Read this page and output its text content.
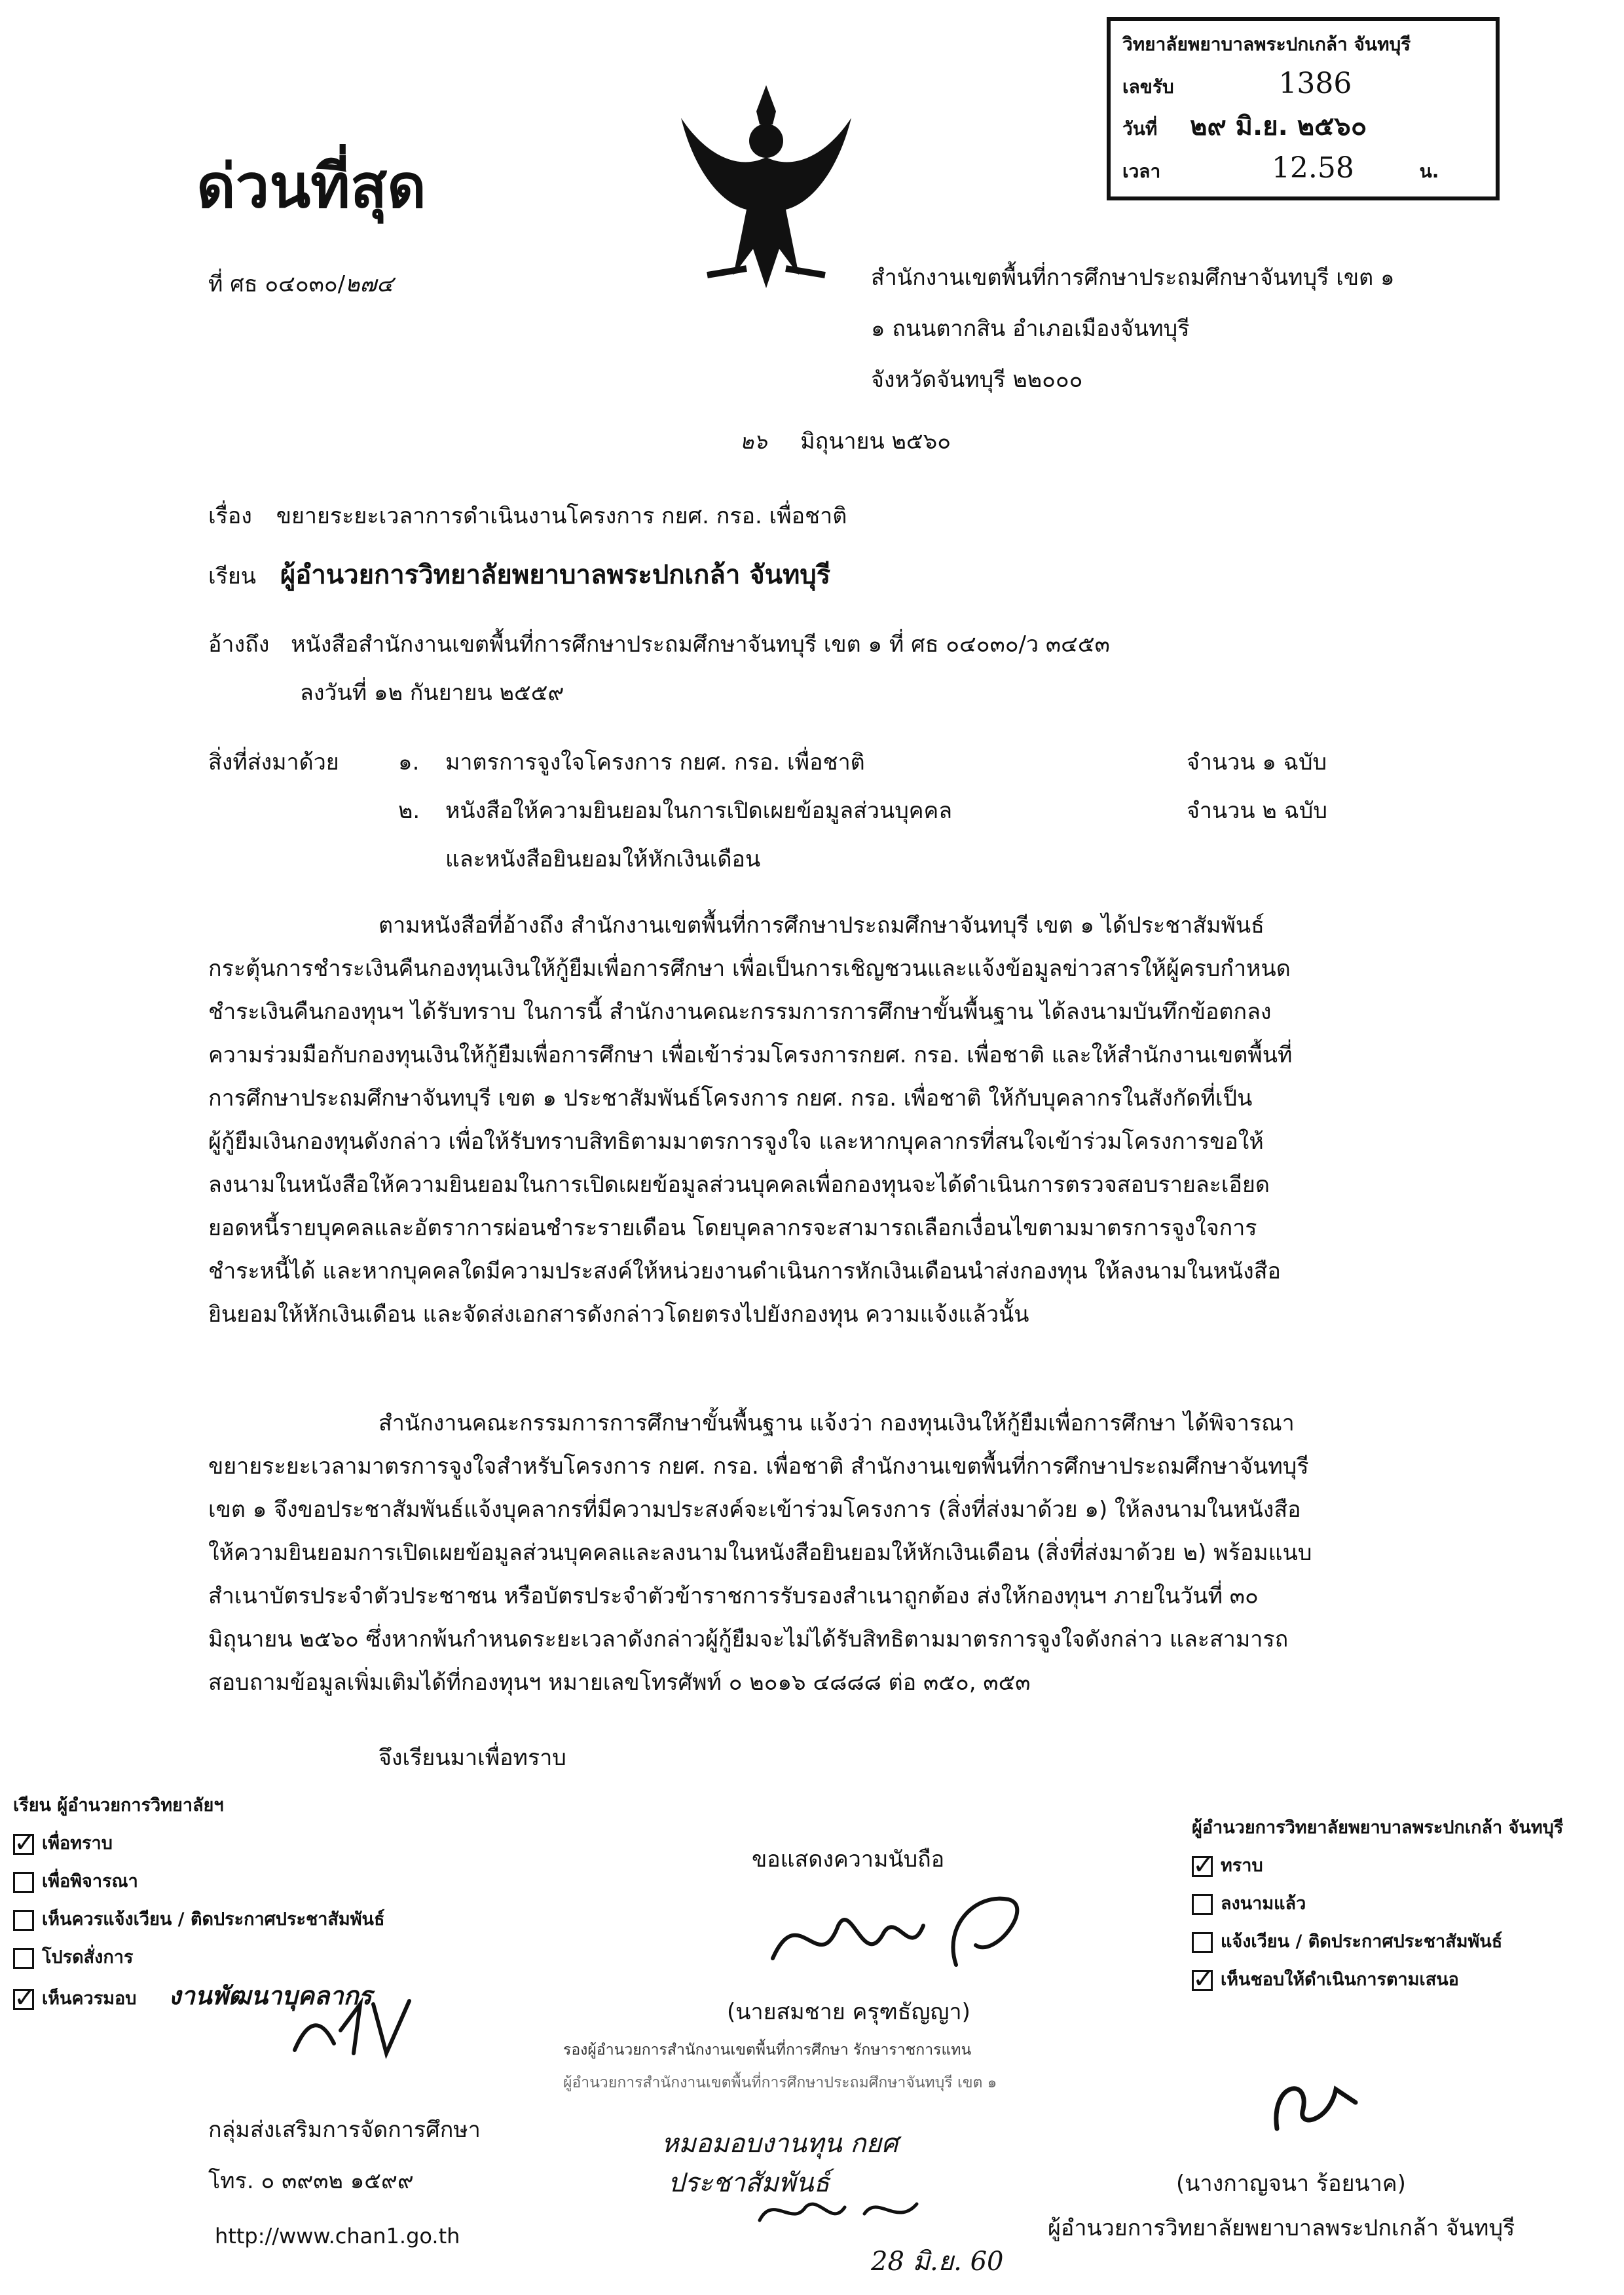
ด่วนที่สุด
ที่ ศธ ๐๔๐๓๐/๒๗๔
วิทยาลัยพยาบาลพระปกเกล้า จันทบุรี
เลขรับ	1386
วันที่ ๒๙ มิ.ย. ๒๕๖๐
เวลา	12.58	น.
สำนักงานเขตพื้นที่การศึกษาประถมศึกษาจันทบุรี เขต ๑
๑ ถนนตากสิน อำเภอเมืองจันทบุรี
จังหวัดจันทบุรี ๒๒๐๐๐
๒๖ มิถุนายน ๒๕๖๐
เรื่อง ขยายระยะเวลาการดำเนินงานโครงการ กยศ. กรอ. เพื่อชาติ
เรียน ผู้อำนวยการวิทยาลัยพยาบาลพระปกเกล้า จันทบุรี
อ้างถึง หนังสือสำนักงานเขตพื้นที่การศึกษาประถมศึกษาจันทบุรี เขต ๑ ที่ ศธ ๐๔๐๓๐/ว ๓๔๕๓
ลงวันที่ ๑๒ กันยายน ๒๕๕๙
สิ่งที่ส่งมาด้วย	๑. มาตรการจูงใจโครงการ กยศ. กรอ. เพื่อชาติ	จำนวน ๑ ฉบับ
๒. หนังสือให้ความยินยอมในการเปิดเผยข้อมูลส่วนบุคคล	จำนวน ๒ ฉบับ
และหนังสือยินยอมให้หักเงินเดือน
ตามหนังสือที่อ้างถึง สำนักงานเขตพื้นที่การศึกษาประถมศึกษาจันทบุรี เขต ๑ ได้ประชาสัมพันธ์
กระตุ้นการชำระเงินคืนกองทุนเงินให้กู้ยืมเพื่อการศึกษา เพื่อเป็นการเชิญชวนและแจ้งข้อมูลข่าวสารให้ผู้ครบกำหนด
ชำระเงินคืนกองทุนฯ ได้รับทราบ ในการนี้ สำนักงานคณะกรรมการการศึกษาขั้นพื้นฐาน ได้ลงนามบันทึกข้อตกลง
ความร่วมมือกับกองทุนเงินให้กู้ยืมเพื่อการศึกษา เพื่อเข้าร่วมโครงการกยศ. กรอ. เพื่อชาติ และให้สำนักงานเขตพื้นที่
การศึกษาประถมศึกษาจันทบุรี เขต ๑ ประชาสัมพันธ์โครงการ กยศ. กรอ. เพื่อชาติ ให้กับบุคลากรในสังกัดที่เป็น
ผู้กู้ยืมเงินกองทุนดังกล่าว เพื่อให้รับทราบสิทธิตามมาตรการจูงใจ และหากบุคลากรที่สนใจเข้าร่วมโครงการขอให้
ลงนามในหนังสือให้ความยินยอมในการเปิดเผยข้อมูลส่วนบุคคลเพื่อกองทุนจะได้ดำเนินการตรวจสอบรายละเอียด
ยอดหนี้รายบุคคลและอัตราการผ่อนชำระรายเดือน โดยบุคลากรจะสามารถเลือกเงื่อนไขตามมาตรการจูงใจการ
ชำระหนี้ได้ และหากบุคคลใดมีความประสงค์ให้หน่วยงานดำเนินการหักเงินเดือนนำส่งกองทุน ให้ลงนามในหนังสือ
ยินยอมให้หักเงินเดือน และจัดส่งเอกสารดังกล่าวโดยตรงไปยังกองทุน ความแจ้งแล้วนั้น
สำนักงานคณะกรรมการการศึกษาขั้นพื้นฐาน แจ้งว่า กองทุนเงินให้กู้ยืมเพื่อการศึกษา ได้พิจารณา
ขยายระยะเวลามาตรการจูงใจสำหรับโครงการ กยศ. กรอ. เพื่อชาติ สำนักงานเขตพื้นที่การศึกษาประถมศึกษาจันทบุรี
เขต ๑ จึงขอประชาสัมพันธ์แจ้งบุคลากรที่มีความประสงค์จะเข้าร่วมโครงการ (สิ่งที่ส่งมาด้วย ๑) ให้ลงนามในหนังสือ
ให้ความยินยอมการเปิดเผยข้อมูลส่วนบุคคลและลงนามในหนังสือยินยอมให้หักเงินเดือน (สิ่งที่ส่งมาด้วย ๒) พร้อมแนบ
สำเนาบัตรประจำตัวประชาชน หรือบัตรประจำตัวข้าราชการรับรองสำเนาถูกต้อง ส่งให้กองทุนฯ ภายในวันที่ ๓๐
มิถุนายน ๒๕๖๐ ซึ่งหากพ้นกำหนดระยะเวลาดังกล่าวผู้กู้ยืมจะไม่ได้รับสิทธิตามมาตรการจูงใจดังกล่าว และสามารถ
สอบถามข้อมูลเพิ่มเติมได้ที่กองทุนฯ หมายเลขโทรศัพท์ ๐ ๒๐๑๖ ๔๘๘๘ ต่อ ๓๕๐, ๓๕๓
จึงเรียนมาเพื่อทราบ
เรียน ผู้อำนวยการวิทยาลัยฯ
✓เพื่อทราบ
เพื่อพิจารณา
เห็นควรแจ้งเวียน / ติดประกาศประชาสัมพันธ์
โปรดสั่งการ
✓เห็นควรมอบ งานพัฒนาบุคลากร
ขอแสดงความนับถือ
(นายสมชาย ครุฑธัญญา)
รองผู้อำนวยการสำนักงานเขตพื้นที่การศึกษา รักษาราชการแทน
ผู้อำนวยการสำนักงานเขตพื้นที่การศึกษาประถมศึกษาจันทบุรี เขต ๑
ผู้อำนวยการวิทยาลัยพยาบาลพระปกเกล้า จันทบุรี
✓ทราบ
ลงนามแล้ว
แจ้งเวียน / ติดประกาศประชาสัมพันธ์
✓เห็นชอบให้ดำเนินการตามเสนอ
(นางกาญจนา ร้อยนาค)
ผู้อำนวยการวิทยาลัยพยาบาลพระปกเกล้า จันทบุรี
หมอมอบงานทุน กยศ
ประชาสัมพันธ์
28 มิ.ย. 60
กลุ่มส่งเสริมการจัดการศึกษา
โทร. ๐ ๓๙๓๒ ๑๕๙๙
http://www.chan1.go.th
